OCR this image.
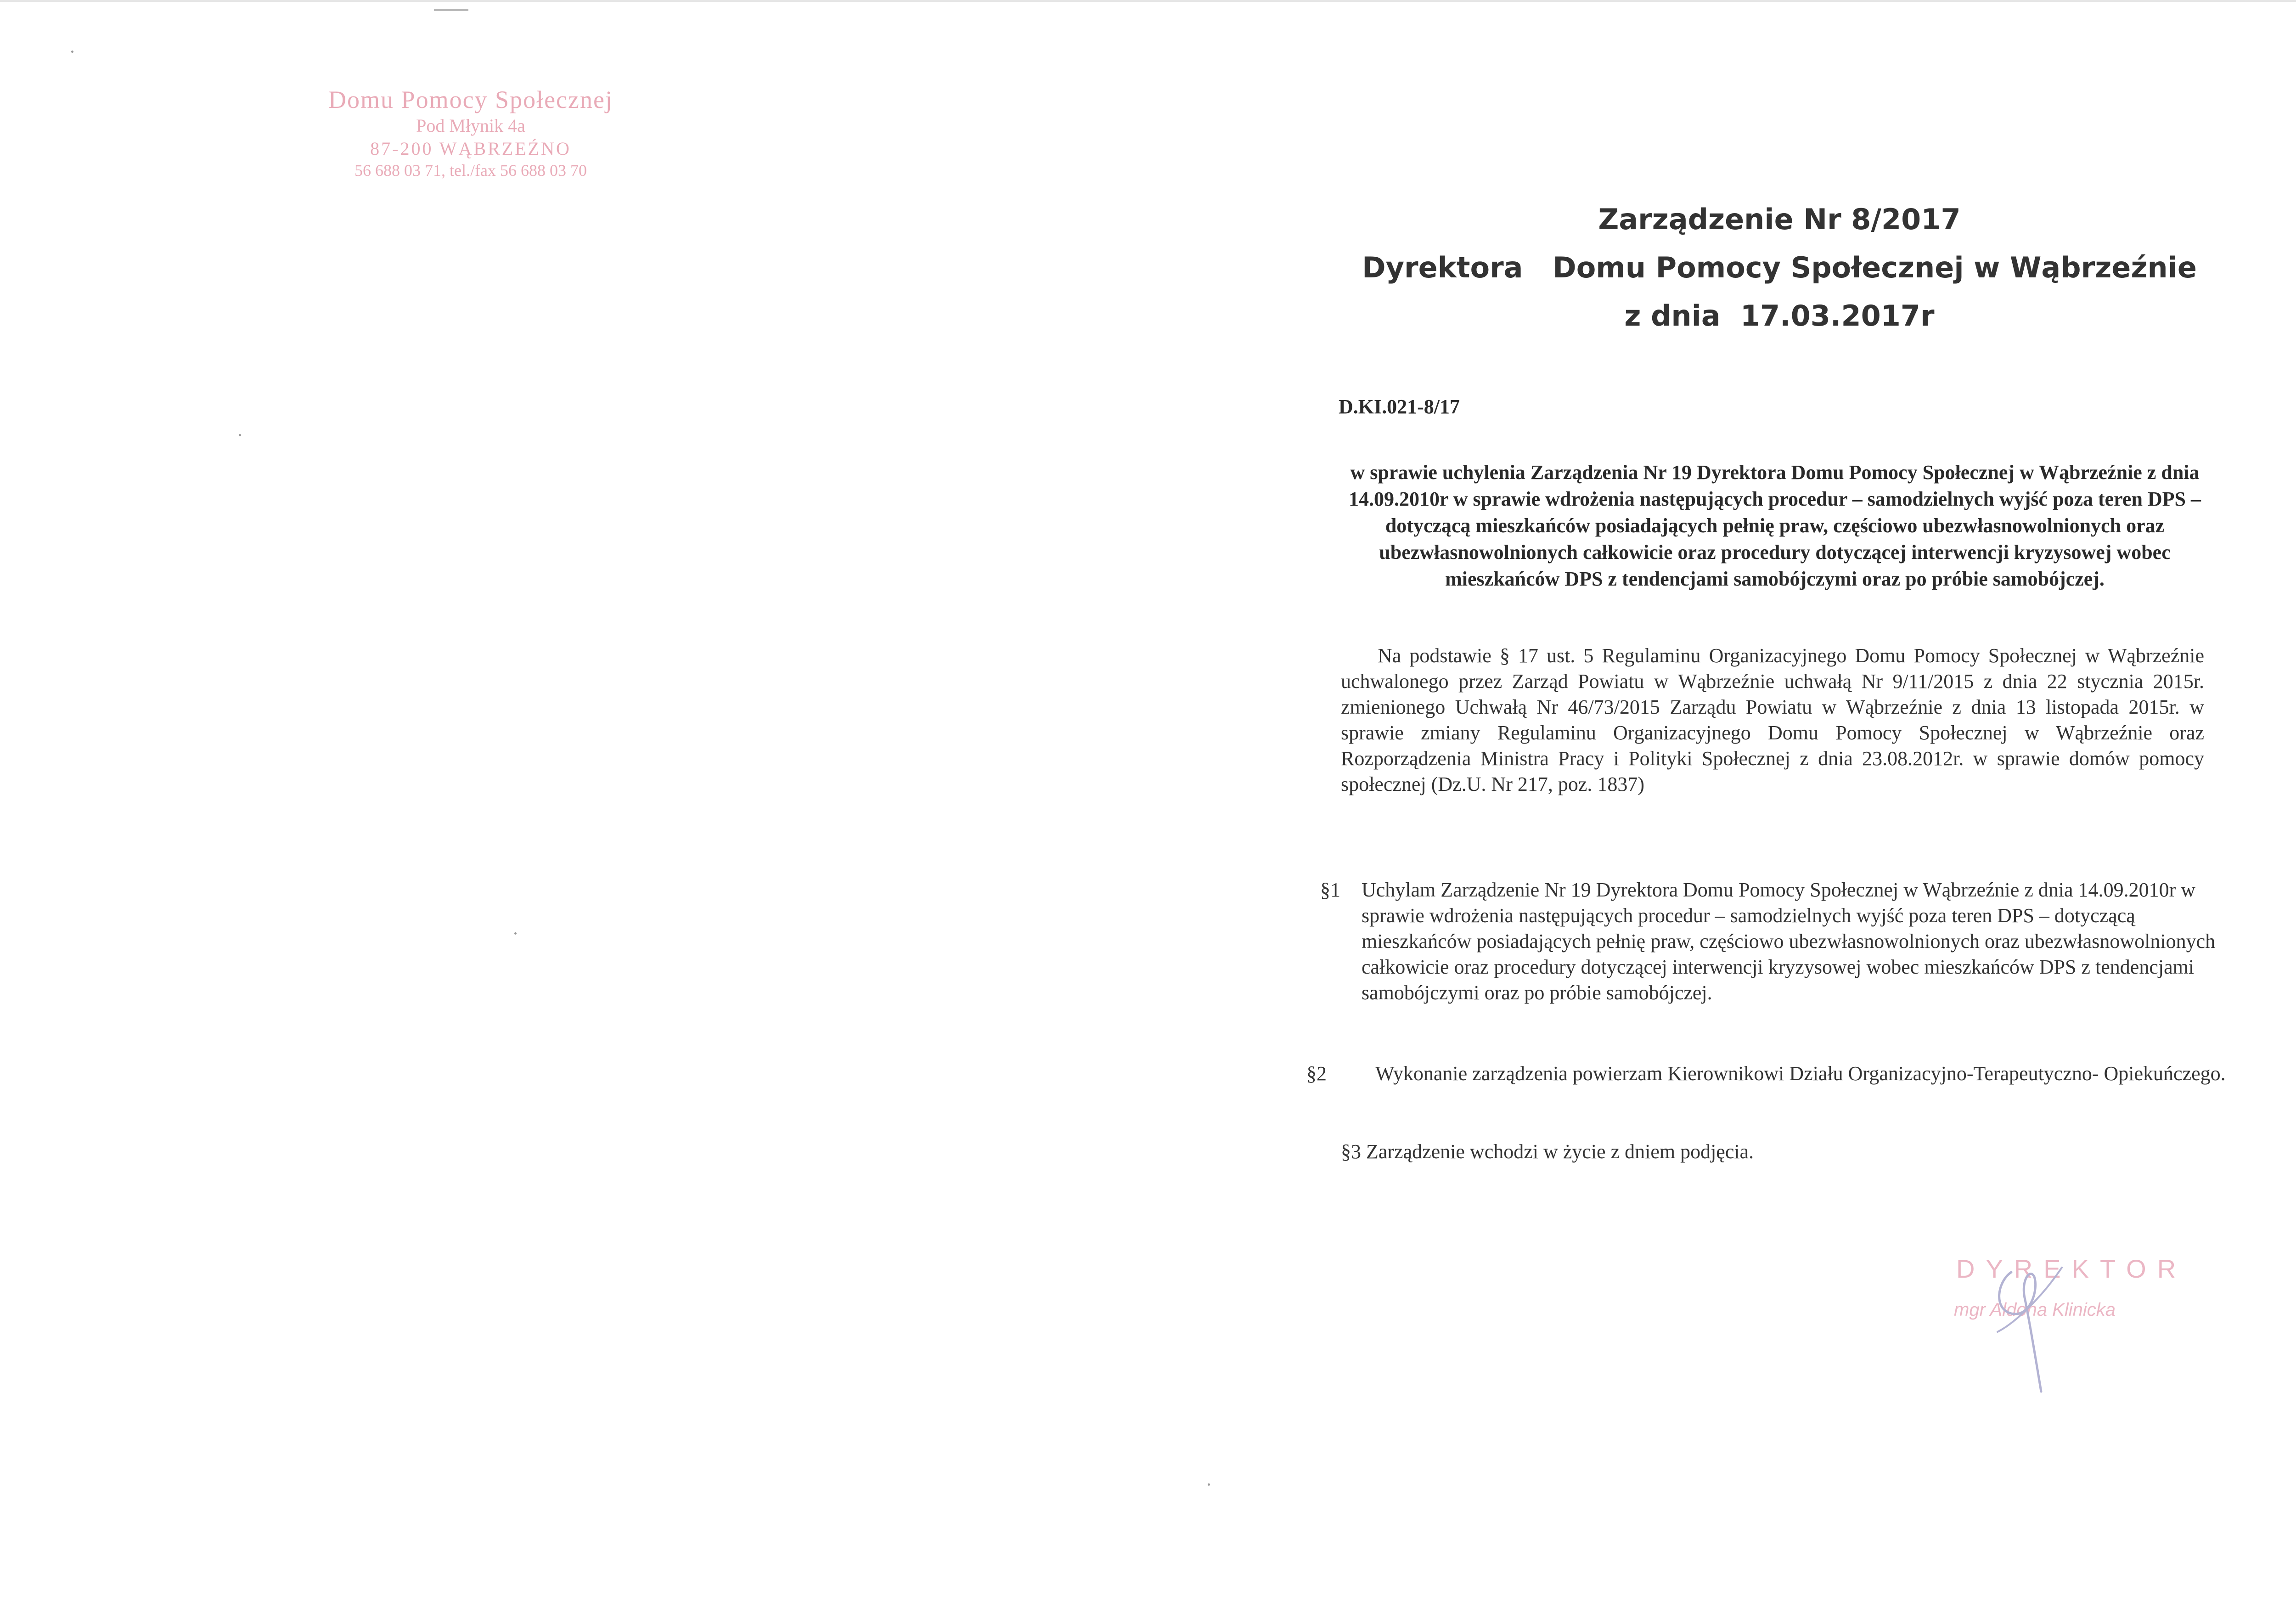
Domu Pomocy Społecznej
Pod Młynik 4a
87-200 WĄBRZEŹNO
56 688 03 71, tel./fax 56 688 03 70
Zarządzenie Nr 8/2017
Dyrektora   Domu Pomocy Społecznej w Wąbrzeźnie
z dnia  17.03.2017r
D.KI.021-8/17
w sprawie uchylenia Zarządzenia Nr 19 Dyrektora Domu Pomocy Społecznej w Wąbrzeźnie z dnia 14.09.2010r w sprawie wdrożenia następujących procedur – samodzielnych wyjść poza teren DPS – dotyczącą mieszkańców posiadających pełnię praw, częściowo ubezwłasnowolnionych oraz ubezwłasnowolnionych całkowicie oraz procedury dotyczącej interwencji kryzysowej wobec mieszkańców DPS z tendencjami samobójczymi oraz po próbie samobójczej.
Na podstawie § 17 ust. 5 Regulaminu Organizacyjnego Domu Pomocy Społecznej w Wąbrzeźnie uchwalonego przez Zarząd Powiatu w Wąbrzeźnie uchwałą Nr 9/11/2015 z dnia 22 stycznia 2015r. zmienionego Uchwałą Nr 46/73/2015 Zarządu Powiatu w Wąbrzeźnie z dnia 13 listopada 2015r. w sprawie zmiany Regulaminu Organizacyjnego Domu Pomocy Społecznej w Wąbrzeźnie oraz Rozporządzenia Ministra Pracy i Polityki Społecznej z dnia 23.08.2012r. w sprawie domów pomocy społecznej (Dz.U. Nr 217, poz. 1837)
§1 Uchylam Zarządzenie Nr 19 Dyrektora Domu Pomocy Społecznej w Wąbrzeźnie z dnia 14.09.2010r w sprawie wdrożenia następujących procedur – samodzielnych wyjść poza teren DPS – dotyczącą mieszkańców posiadających pełnię praw, częściowo ubezwłasnowolnionych oraz ubezwłasnowolnionych całkowicie oraz procedury dotyczącej interwencji kryzysowej wobec mieszkańców DPS z tendencjami samobójczymi oraz po próbie samobójczej.
§2 Wykonanie zarządzenia powierzam Kierownikowi Działu Organizacyjno-Terapeutyczno- Opiekuńczego.
§3 Zarządzenie wchodzi w życie z dniem podjęcia.
DYREKTOR
mgr Aldona Klinicka
